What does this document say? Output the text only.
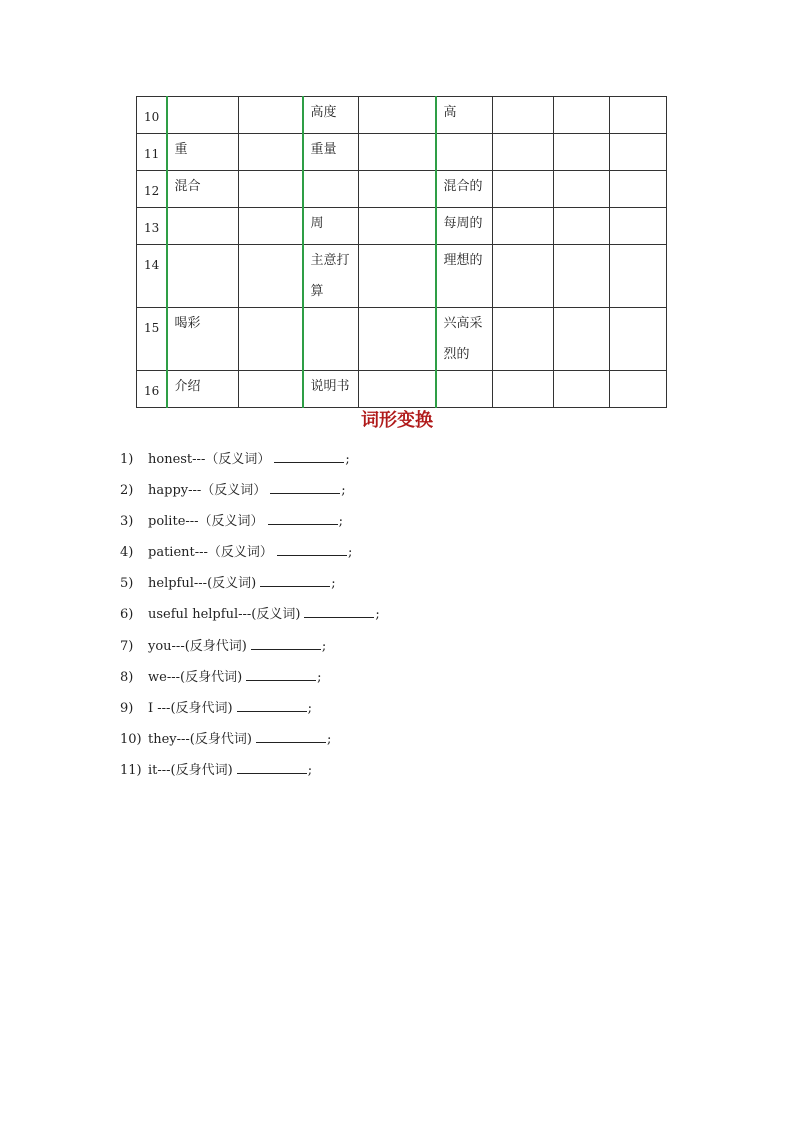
10			高度		高			
11	重		重量					
12	混合				混合的			
13			周		每周的			
14			主意打算		理想的			
15	喝彩				兴高采烈的			
16	介绍		说明书					
词形变换
1) honest---（反义词）	;
2) happy---（反义词）	;
3) polite---（反义词）	;
4) patient---（反义词）	;
5) helpful---(反义词)	;
6) useful helpful---(反义词)	;
7) you---(反身代词)	;
8) we---(反身代词)	;
9) I ---(反身代词)	;
10) they---(反身代词)	;
11) it---(反身代词)	;
